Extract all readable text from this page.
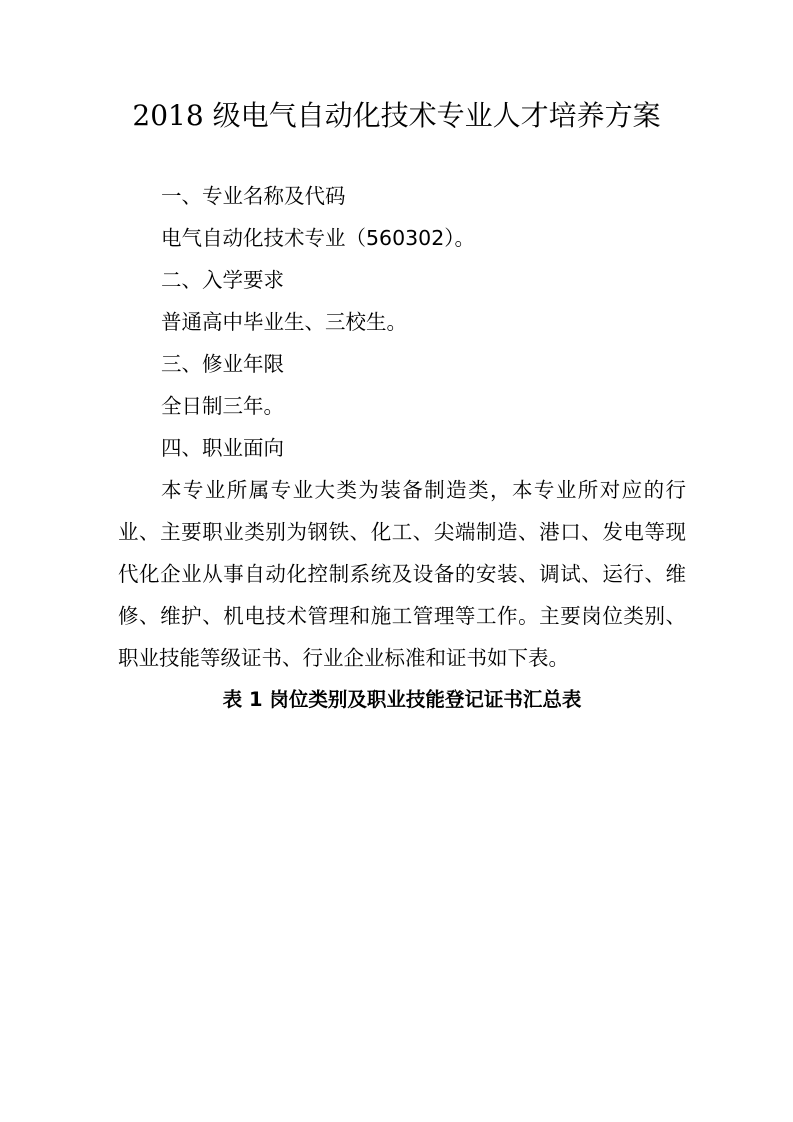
2018 级电气自动化技术专业人才培养方案

一、专业名称及代码

电气自动化技术专业（560302）。

二、入学要求

普通高中毕业生、三校生。

三、修业年限

全日制三年。

四、职业面向

本专业所属专业大类为装备制造类，本专业所对应的行业、主要职业类别为钢铁、化工、尖端制造、港口、发电等现代化企业从事自动化控制系统及设备的安装、调试、运行、维修、维护、机电技术管理和施工管理等工作。主要岗位类别、职业技能等级证书、行业企业标准和证书如下表。

表 1 岗位类别及职业技能登记证书汇总表
